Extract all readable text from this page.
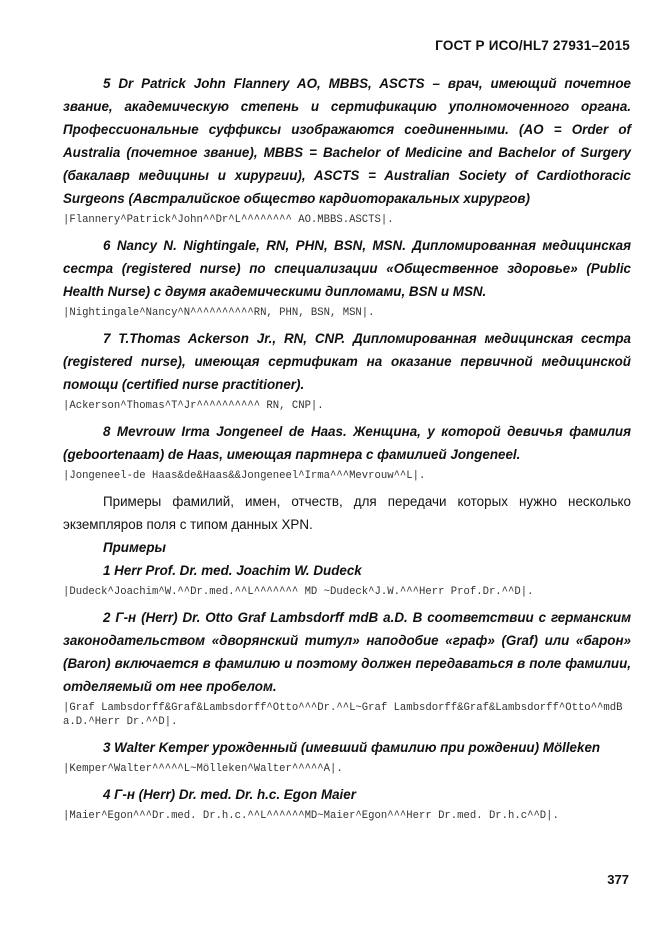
ГОСТ Р ИСО/HL7 27931–2015

5 Dr Patrick John Flannery AO, MBBS, ASCTS – врач, имеющий почетное звание, академическую степень и сертификацию уполномоченного органа. Профессиональные суффиксы изображаются соединенными. (AO = Order of Australia (почетное звание), MBBS = Bachelor of Medicine and Bachelor of Surgery (бакалавр медицины и хирургии), ASCTS = Australian Society of Cardiothoracic Surgeons (Австралийское общество кардиоторакальных хирургов)

|Flannery^Patrick^John^^Dr^L^^^^^^^^ AO.MBBS.ASCTS|.

6 Nancy N. Nightingale, RN, PHN, BSN, MSN. Дипломированная медицинская сестра (registered nurse) по специализации «Общественное здоровье» (Public Health Nurse) с двумя академическими дипломами, BSN и MSN.

|Nightingale^Nancy^N^^^^^^^^^^RN, PHN, BSN, MSN|.

7 T.Thomas Ackerson Jr., RN, CNP. Дипломированная медицинская сестра (registered nurse), имеющая сертификат на оказание первичной медицинской помощи (certified nurse practitioner).

|Ackerson^Thomas^T^Jr^^^^^^^^^^ RN, CNP|.

8 Mevrouw Irma Jongeneel de Haas. Женщина, у которой девичья фамилия (geboortenaam) de Haas, имеющая партнера с фамилией Jongeneel.

|Jongeneel-de Haas&de&Haas&&Jongeneel^Irma^^^Mevrouw^^L|.

Примеры фамилий, имен, отчеств, для передачи которых нужно несколько экземпляров поля с типом данных XPN.

Примеры

1 Herr Prof. Dr. med. Joachim W. Dudeck

|Dudeck^Joachim^W.^^Dr.med.^^L^^^^^^^ MD ~Dudeck^J.W.^^^Herr Prof.Dr.^^D|.

2 Г-н (Herr) Dr. Otto Graf Lambsdorff mdB a.D. В соответствии с германским законодательством «дворянский титул» наподобие «граф» (Graf) или «барон» (Baron) включается в фамилию и поэтому должен передаваться в поле фамилии, отделяемый от нее пробелом.

|Graf Lambsdorff&Graf&Lambsdorff^Otto^^^Dr.^^L~Graf Lambsdorff&Graf&Lambsdorff^Otto^^mdB a.D.^Herr Dr.^^D|.

3 Walter Kemper урожденный (имевший фамилию при рождении) Mölleken

|Kemper^Walter^^^^^L~Mölleken^Walter^^^^^A|.

4 Г-н (Herr) Dr. med. Dr. h.c. Egon Maier

|Maier^Egon^^^Dr.med. Dr.h.c.^^L^^^^^^MD~Maier^Egon^^^Herr Dr.med. Dr.h.c^^D|.
377
